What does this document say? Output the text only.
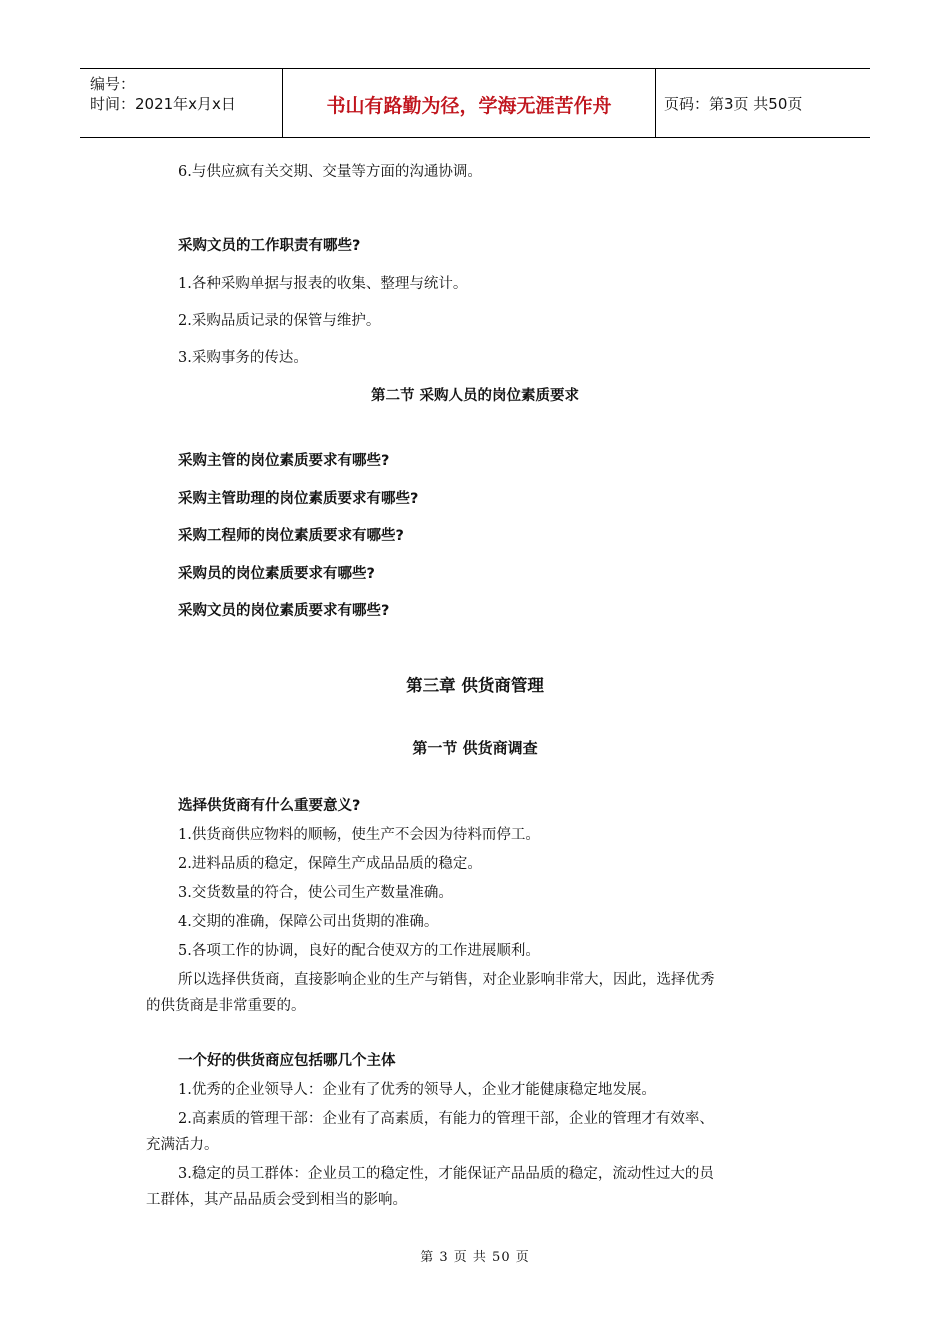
编号：
时间：2021年x月x日	书山有路勤为径，学海无涯苦作舟	页码：第3页 共50页
6.与供应疯有关交期、交量等方面的沟通协调。
采购文员的工作职责有哪些?
1.各种采购单据与报表的收集、整理与统计。
2.采购品质记录的保管与维护。
3.采购事务的传达。
第二节 采购人员的岗位素质要求
采购主管的岗位素质要求有哪些?
采购主管助理的岗位素质要求有哪些?
采购工程师的岗位素质要求有哪些?
采购员的岗位素质要求有哪些?
采购文员的岗位素质要求有哪些?
第三章 供货商管理
第一节 供货商调查
选择供货商有什么重要意义?
1.供货商供应物料的顺畅，使生产不会因为待料而停工。
2.进料品质的稳定，保障生产成品品质的稳定。
3.交货数量的符合，使公司生产数量准确。
4.交期的准确，保障公司出货期的准确。
5.各项工作的协调，良好的配合使双方的工作进展顺利。
所以选择供货商，直接影响企业的生产与销售，对企业影响非常大，因此，选择优秀
的供货商是非常重要的。
一个好的供货商应包括哪几个主体
1.优秀的企业领导人：企业有了优秀的领导人，企业才能健康稳定地发展。
2.高素质的管理干部：企业有了高素质，有能力的管理干部，企业的管理才有效率、
充满活力。
3.稳定的员工群体：企业员工的稳定性，才能保证产品品质的稳定，流动性过大的员
工群体，其产品品质会受到相当的影响。
第 3 页 共 50 页
